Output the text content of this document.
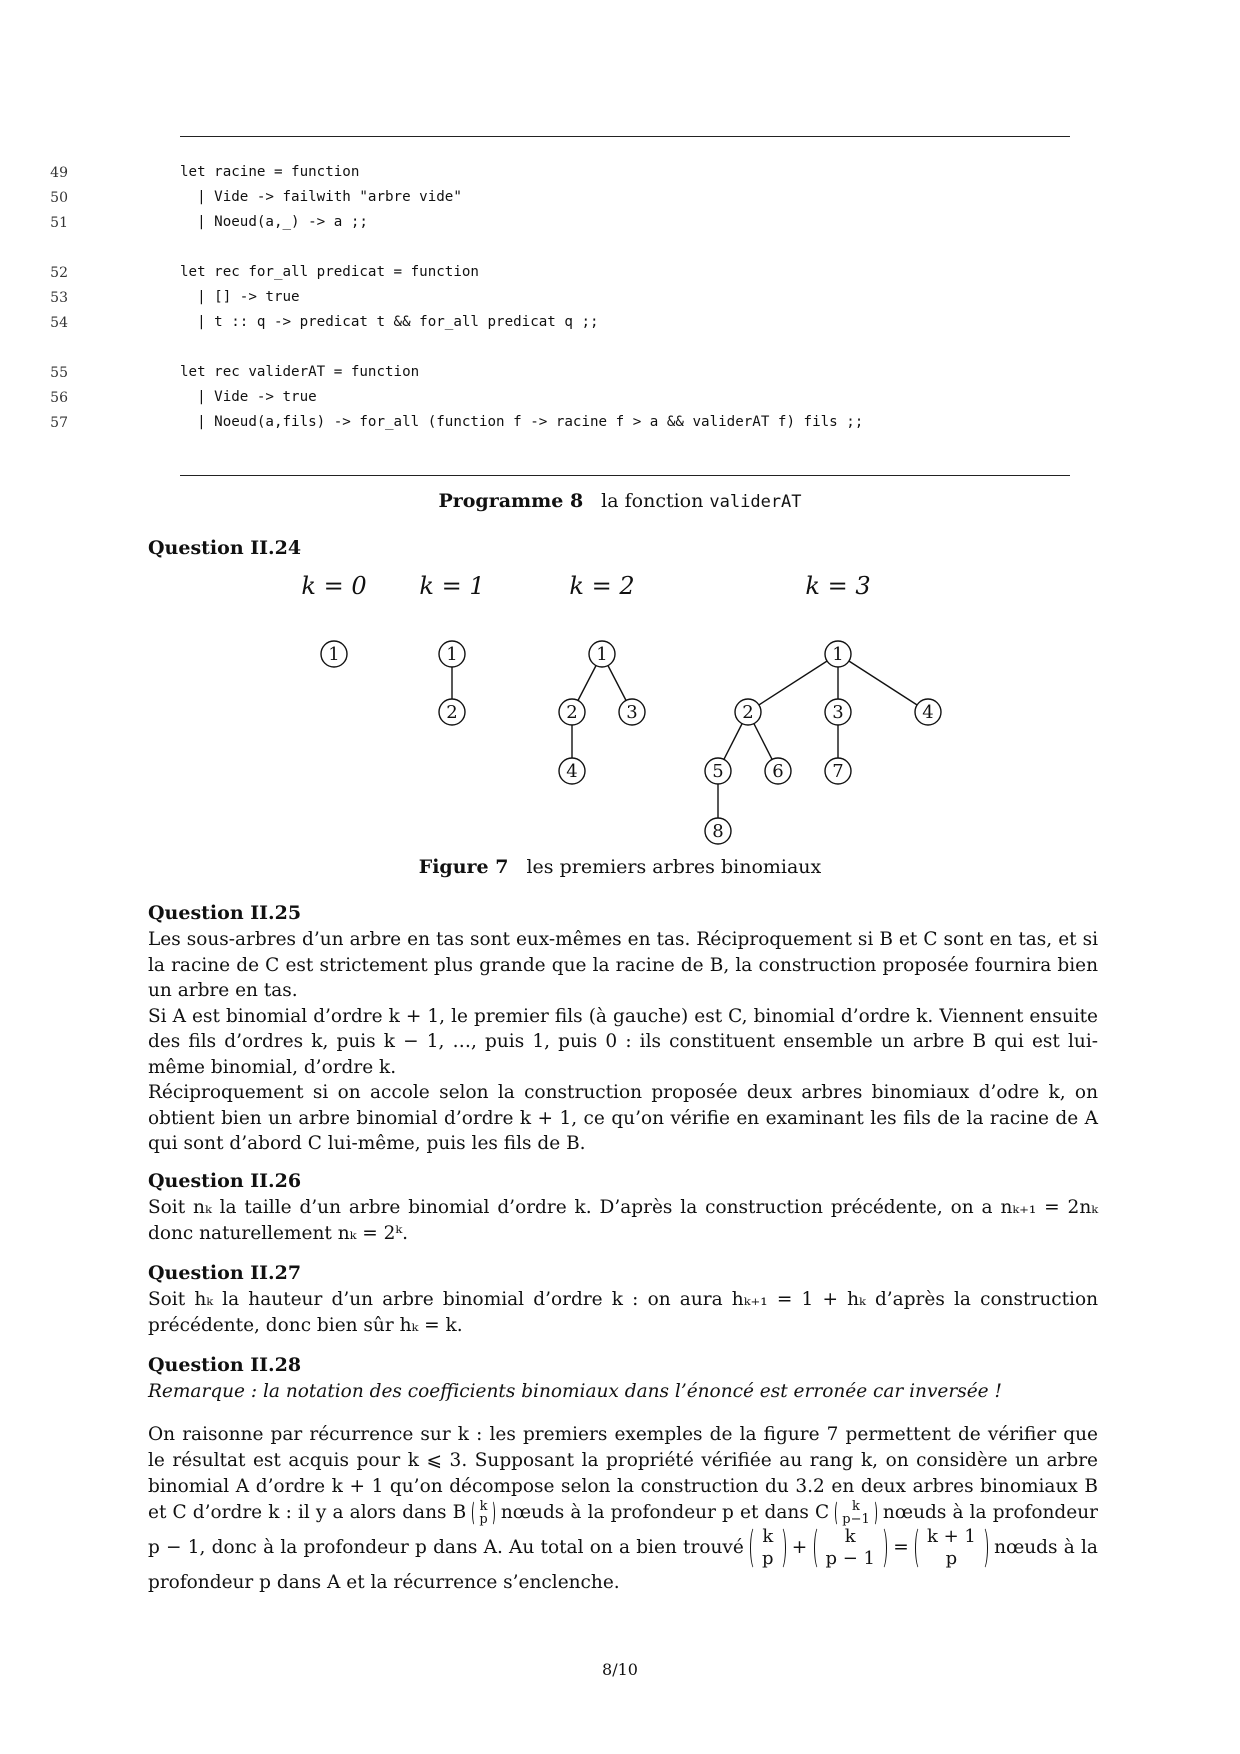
49	let racine = function
50	| Vide -> failwith "arbre vide"
51	| Noeud(a,_) -> a ;;
52	let rec for_all predicat = function
53	| [] -> true
54	| t :: q -> predicat t && for_all predicat q ;;
55	let rec validerAT = function
56	| Vide -> true
57	| Noeud(a,fils) -> for_all (function f -> racine f > a && validerAT f) fils ;;
Programme 8 la fonction validerAT
Question II.24
k = 0 k = 1	k = 2	k = 3
1	1
2
1
2	3
4
1
2	3	4
5	6	7
8
Figure 7 les premiers arbres binomiaux
Question II.25
Les sous-arbres d’un arbre en tas sont eux-mêmes en tas. Réciproquement si B et C sont en tas, et si la racine de C est strictement plus grande que la racine de B, la construction proposée fournira bien un arbre en tas.
Si A est binomial d’ordre k + 1, le premier fils (à gauche) est C, binomial d’ordre k. Viennent ensuite des fils d’ordres k, puis k − 1, …, puis 1, puis 0 : ils constituent ensemble un arbre B qui est lui-même binomial, d’ordre k.
Réciproquement si on accole selon la construction proposée deux arbres binomiaux d’odre k, on obtient bien un arbre binomial d’ordre k + 1, ce qu’on vérifie en examinant les fils de la racine de A qui sont d’abord C lui-même, puis les fils de B.
Question II.26
Soit nₖ la taille d’un arbre binomial d’ordre k. D’après la construction précédente, on a nₖ₊₁ = 2nₖ donc naturellement nₖ = 2ᵏ.
Question II.27
Soit hₖ la hauteur d’un arbre binomial d’ordre k : on aura hₖ₊₁ = 1 + hₖ d’après la construction précédente, donc bien sûr hₖ = k.
Question II.28
Remarque : la notation des coefficients binomiaux dans l’énoncé est erronée car inversée !
On raisonne par récurrence sur k : les premiers exemples de la figure 7 permettent de vérifier que le résultat est acquis pour k ⩽ 3. Supposant la propriété vérifiée au rang k, on considère un arbre binomial A d’ordre k + 1 qu’on décompose selon la construction du 3.2 en deux arbres binomiaux B et C d’ordre k : il y a alors dans B k
p nœuds à la profondeur p et dans C	k
p−1 nœuds à la profondeur p − 1, donc à la profondeur p dans A. Au total on a bien trouvé
k
p
+
k
p − 1
=
k + 1
p
nœuds à la profondeur p dans A et la récurrence s’enclenche.
8/10
